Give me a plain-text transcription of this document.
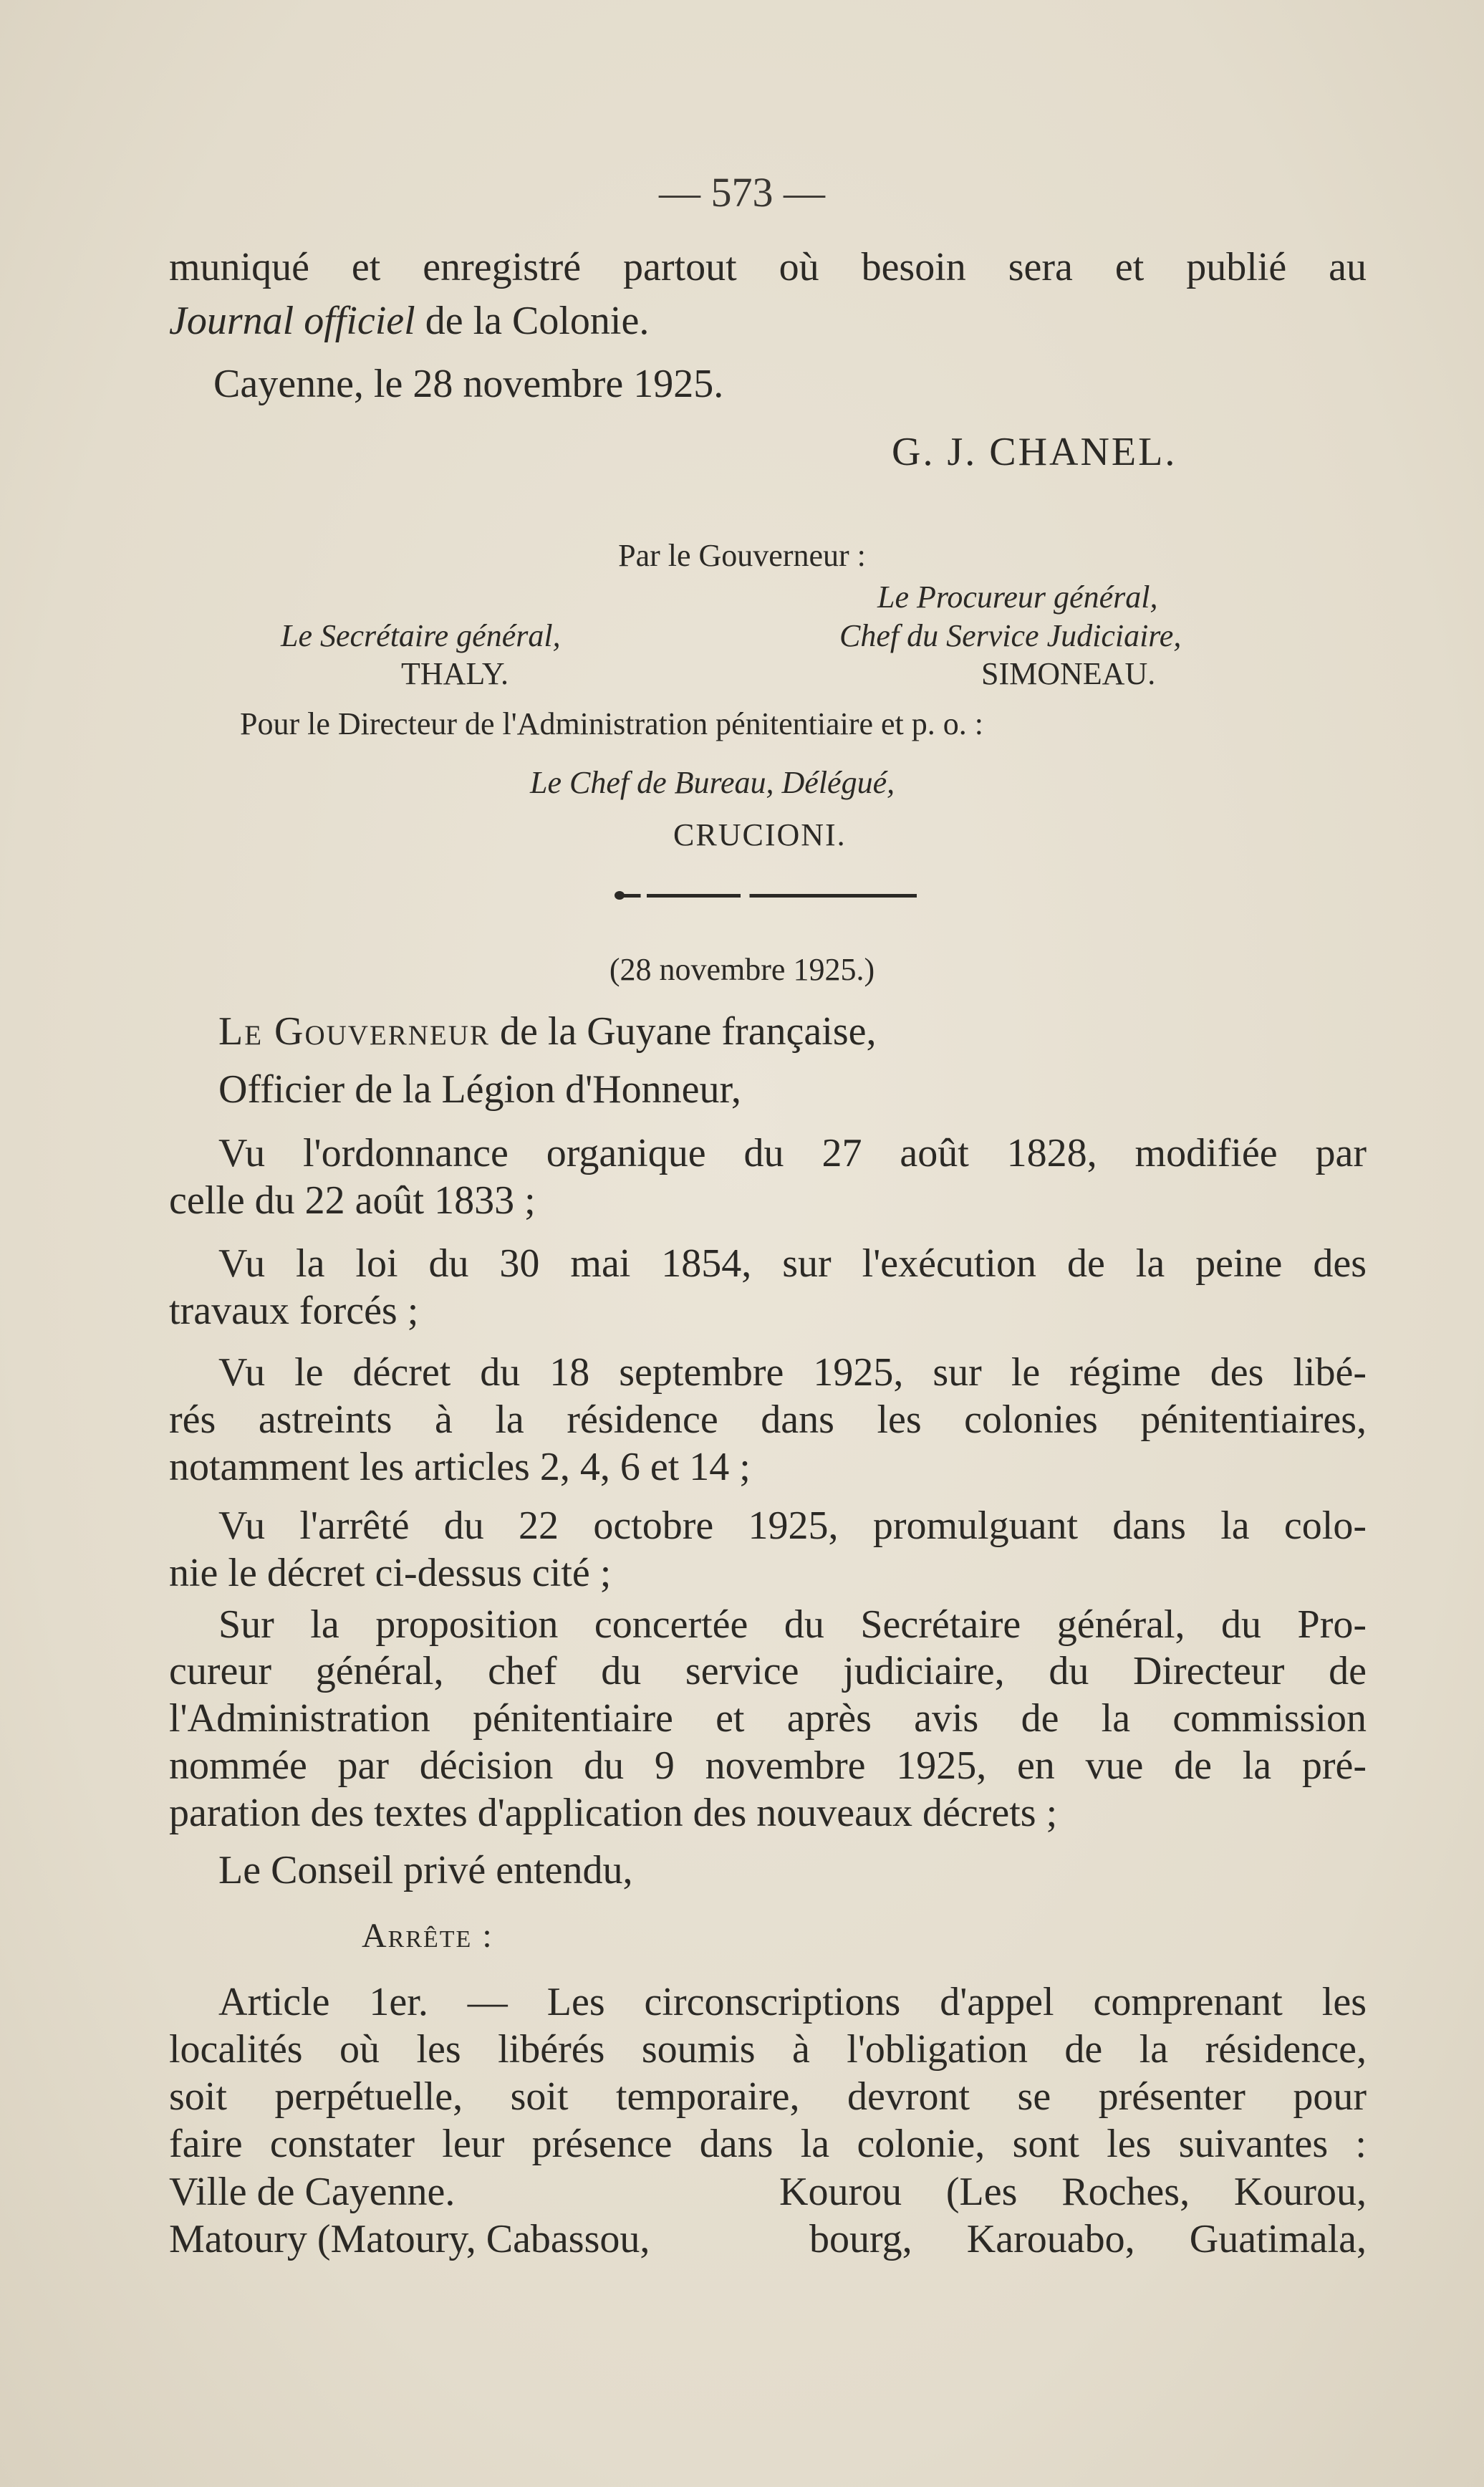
— 573 —
muniqué et enregistré partout où besoin sera et publié au
Journal officiel de la Colonie.
Cayenne, le 28 novembre 1925.
G. J. CHANEL.
Par le Gouverneur :
Le Procureur général,
Le Secrétaire général,	Chef du Service Judiciaire,
THALY.	SIMONEAU.
Pour le Directeur de l'Administration pénitentiaire et p. o. :
Le Chef de Bureau, Délégué,
CRUCIONI.
(28 novembre 1925.)
Le Gouverneur de la Guyane française,
Officier de la Légion d'Honneur,
Vu l'ordonnance organique du 27 août 1828, modifiée par
celle du 22 août 1833 ;
Vu la loi du 30 mai 1854, sur l'exécution de la peine des
travaux forcés ;
Vu le décret du 18 septembre 1925, sur le régime des libé-
rés astreints à la résidence dans les colonies pénitentiaires,
notamment les articles 2, 4, 6 et 14 ;
Vu l'arrêté du 22 octobre 1925, promulguant dans la colo-
nie le décret ci-dessus cité ;
Sur la proposition concertée du Secrétaire général, du Pro-
cureur général, chef du service judiciaire, du Directeur de
l'Administration pénitentiaire et après avis de la commission
nommée par décision du 9 novembre 1925, en vue de la pré-
paration des textes d'application des nouveaux décrets ;
Le Conseil privé entendu,
Arrête :
Article 1er. — Les circonscriptions d'appel comprenant les
localités où les libérés soumis à l'obligation de la résidence,
soit perpétuelle, soit temporaire, devront se présenter pour
faire constater leur présence dans la colonie, sont les suivantes :
Ville de Cayenne.
Matoury (Matoury, Cabassou,
Kourou (Les Roches, Kourou,
bourg, Karouabo, Guatimala,
